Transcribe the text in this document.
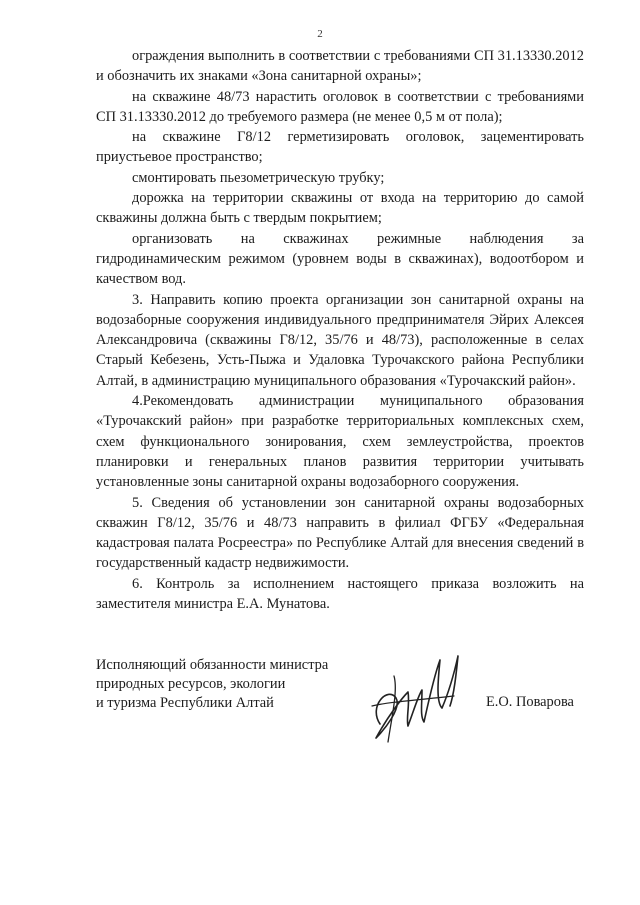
2

ограждения выполнить в соответствии с требованиями СП 31.13330.2012 и обозначить их знаками «Зона санитарной охраны»;

на скважине 48/73 нарастить оголовок в соответствии с требованиями СП 31.13330.2012 до требуемого размера (не менее 0,5 м от пола);

на скважине Г8/12 герметизировать оголовок, зацементировать приустьевое пространство;

смонтировать пьезометрическую трубку;

дорожка на территории скважины от входа на территорию до самой скважины должна быть с твердым покрытием;

организовать на скважинах режимные наблюдения за гидродинамическим режимом (уровнем воды в скважинах), водоотбором и качеством вод.

3. Направить копию проекта организации зон санитарной охраны на водозаборные сооружения индивидуального предпринимателя Эйрих Алексея Александровича (скважины Г8/12, 35/76 и 48/73), расположенные в селах Старый Кебезень, Усть-Пыжа и Удаловка Турочакского района Республики Алтай, в администрацию муниципального образования «Турочакский район».

4.Рекомендовать администрации муниципального образования «Турочакский район» при разработке территориальных комплексных схем, схем функционального зонирования, схем землеустройства, проектов планировки и генеральных планов развития территории учитывать установленные зоны санитарной охраны водозаборного сооружения.

5. Сведения об установлении зон санитарной охраны водозаборных скважин Г8/12, 35/76 и 48/73 направить в филиал ФГБУ «Федеральная кадастровая палата Росреестра» по Республике Алтай для внесения сведений в государственный кадастр недвижимости.

6. Контроль за исполнением настоящего приказа возложить на заместителя министра Е.А. Мунатова.

Исполняющий обязанности министра
природных ресурсов, экологии
и туризма Республики Алтай	Е.О. Поварова
